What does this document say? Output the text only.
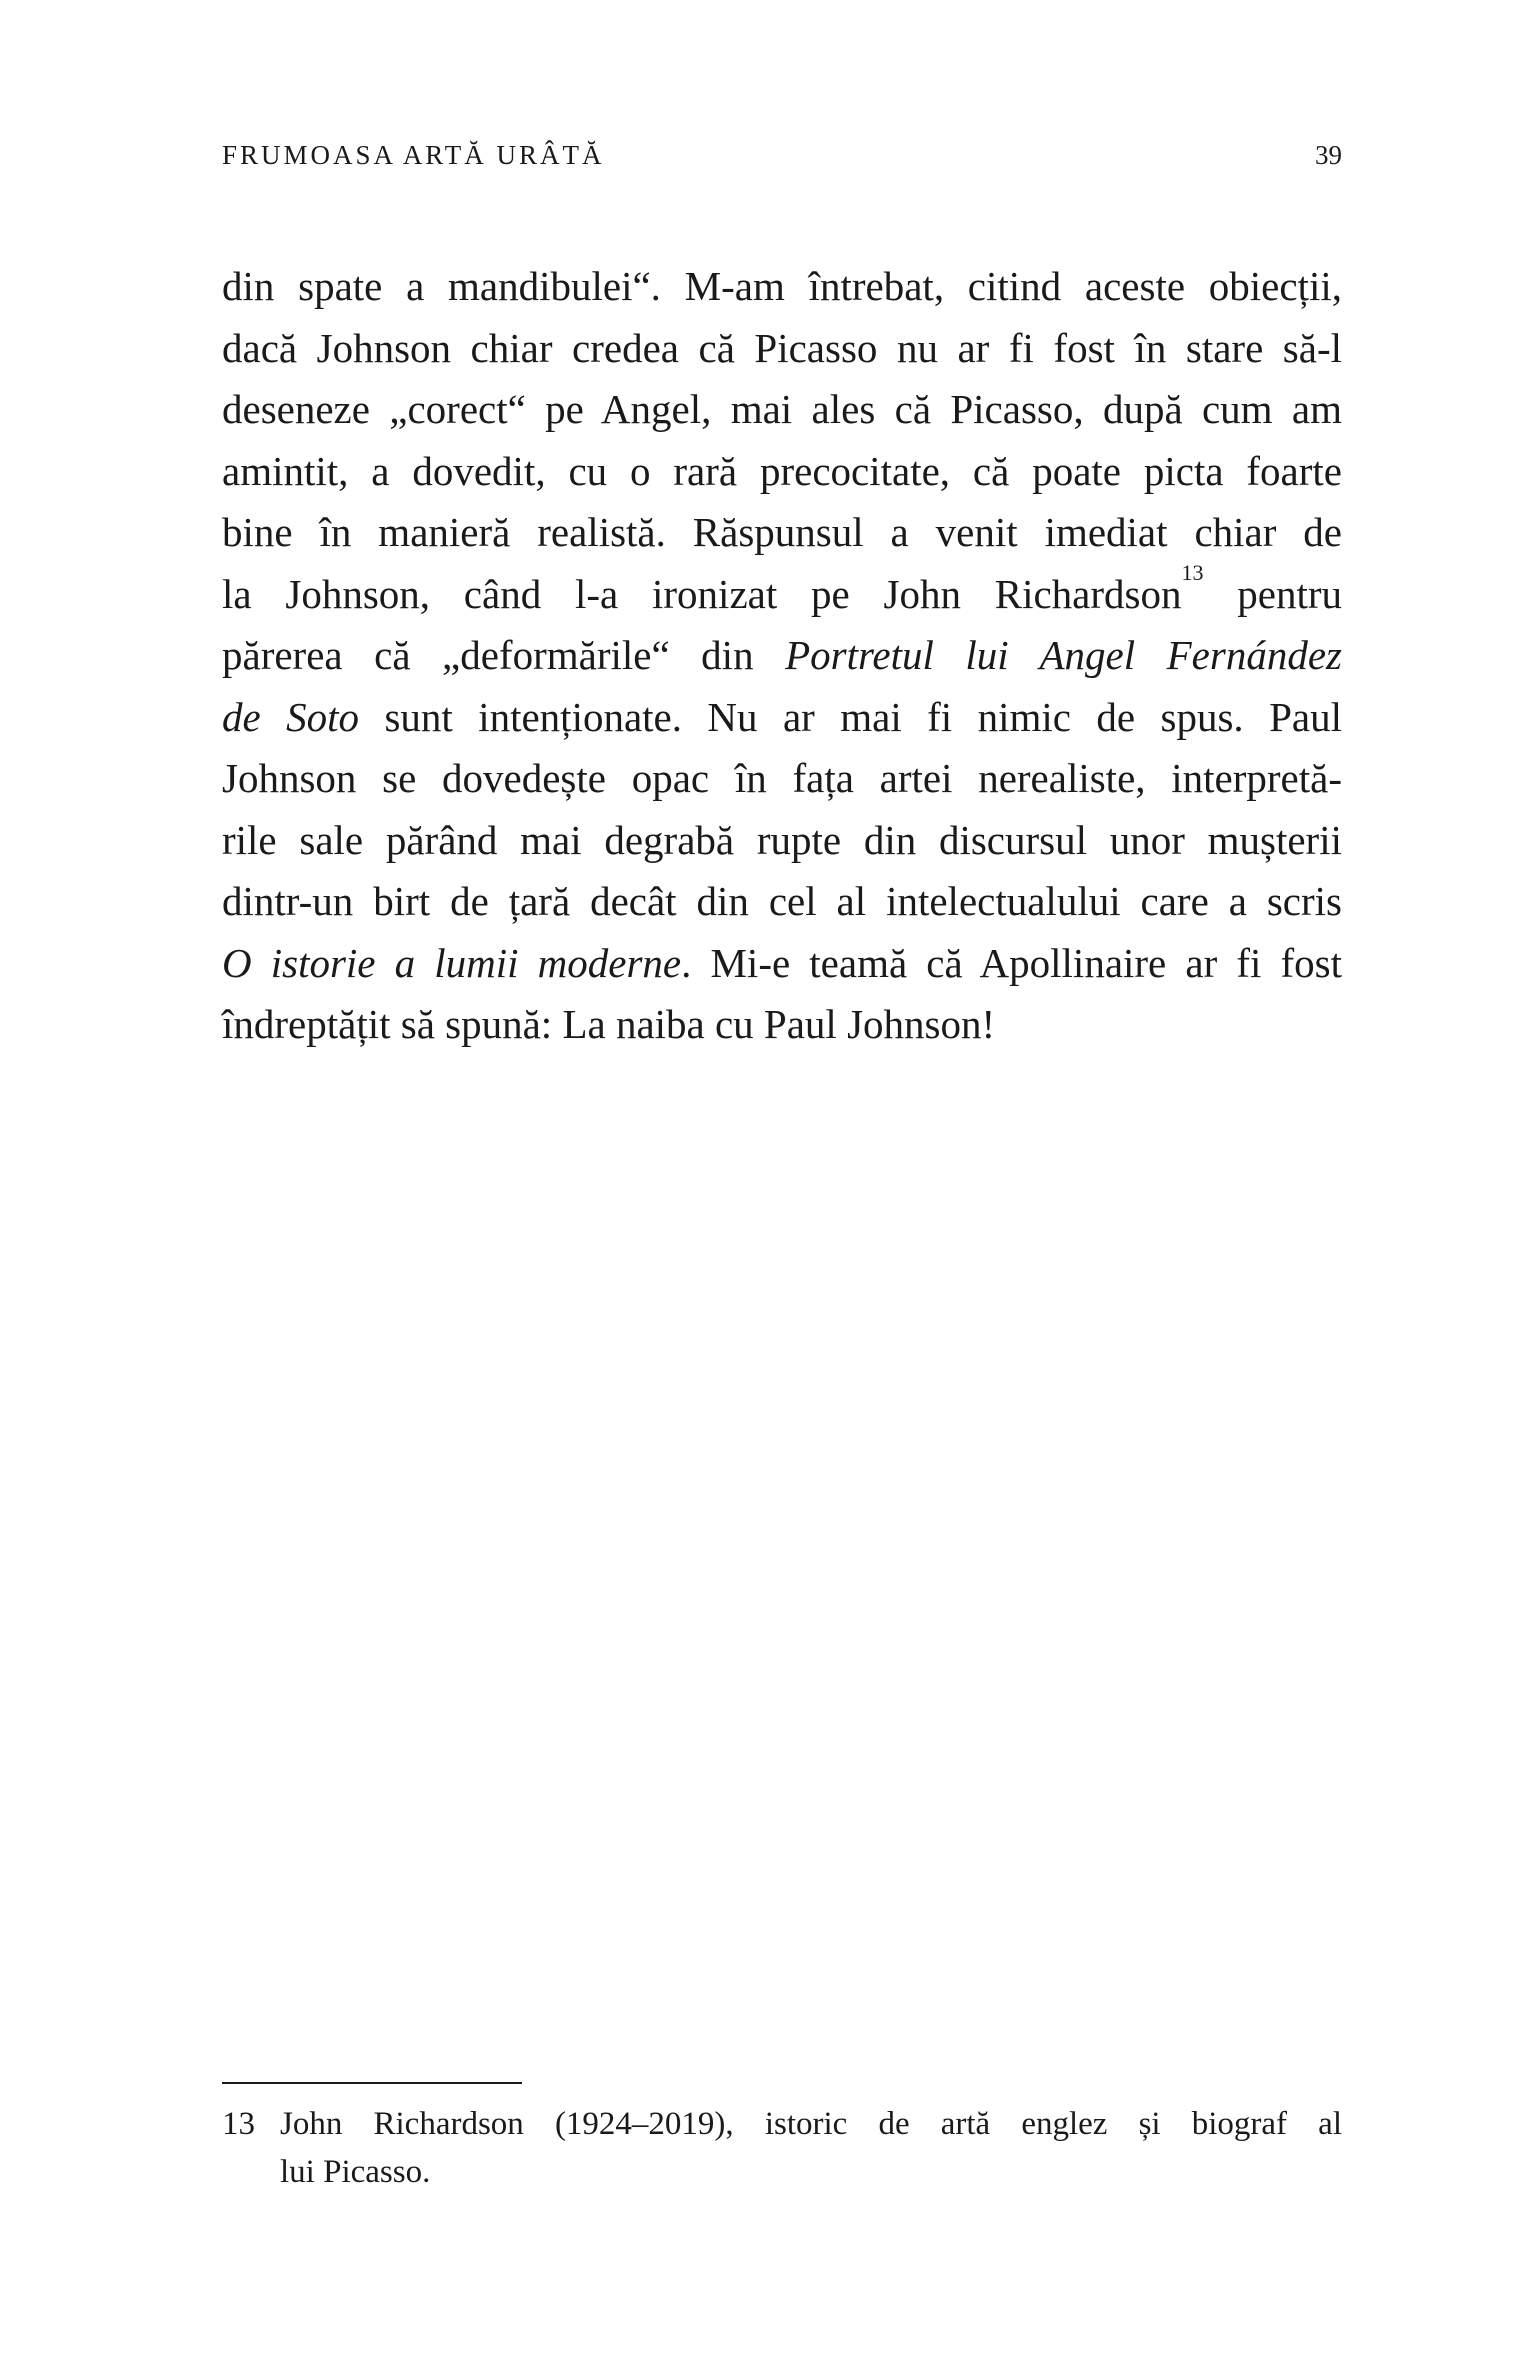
FRUMOASA ARTĂ URÂTĂ	39
din spate a mandibulei“. M-am întrebat, citind aceste obiecții,
dacă Johnson chiar credea că Picasso nu ar fi fost în stare să-l
deseneze „corect“ pe Angel, mai ales că Picasso, după cum am
amintit, a dovedit, cu o rară precocitate, că poate picta foarte
bine în manieră realistă. Răspunsul a venit imediat chiar de
la Johnson, când l-a ironizat pe John Richardson$^{13}$ pentru
părerea că „deformările“ din Portretul lui Angel Fernández
de Soto sunt intenționate. Nu ar mai fi nimic de spus. Paul
Johnson se dovedește opac în fața artei nerealiste, interpretă-
rile sale părând mai degrabă rupte din discursul unor mușterii
dintr-un birt de țară decât din cel al intelectualului care a scris
O istorie a lumii moderne. Mi-e teamă că Apollinaire ar fi fost
îndreptățit să spună: La naiba cu Paul Johnson!
13 John Richardson (1924–2019), istoric de artă englez și biograf al
lui Picasso.
